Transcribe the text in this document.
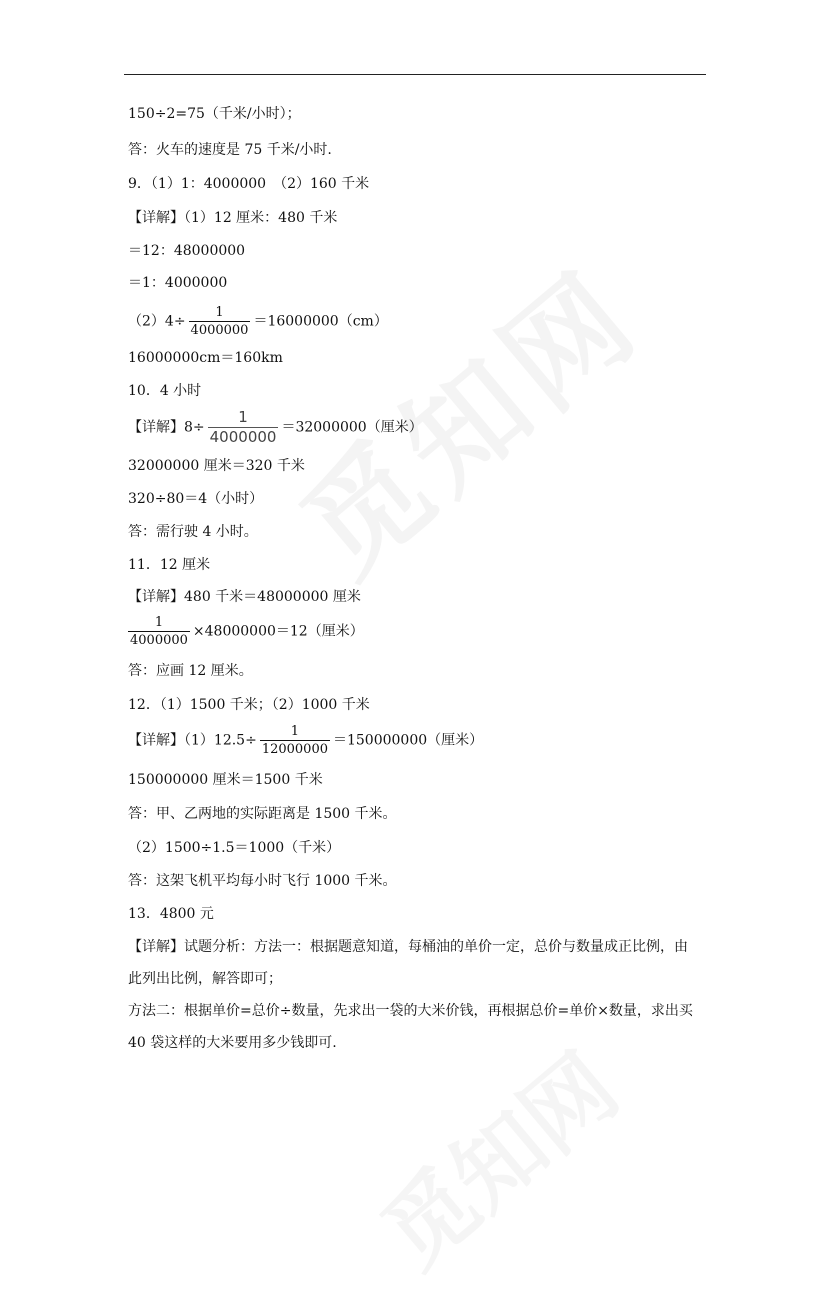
150÷2=75（千米/小时）；
答：火车的速度是 75 千米/小时.
9．（1）1：4000000　（2）160 千米
【详解】（1）12 厘米：480 千米
＝12：48000000
＝1：4000000
$(2)4\div \frac{1}{4000000} =16000000(cm)$
16000000cm＝160km
10．4 小时
【详解】$8\div \frac{1}{4000000} =32000000$（厘米）
32000000 厘米＝320 千米
320÷80＝4（小时）
答：需行驶 4 小时。
11．12 厘米
【详解】480 千米＝48000000 厘米
$\frac{1}{4000000} \times 48000000=12$（厘米）
答：应画 12 厘米。
12．（1）1500 千米；（2）1000 千米
【详解】$(1)12.5\div \frac{1}{12000000} =150000000$（厘米）
150000000 厘米＝1500 千米
答：甲、乙两地的实际距离是 1500 千米。
（2）1500÷1.5＝1000（千米）
答：这架飞机平均每小时飞行 1000 千米。
13．4800 元
【详解】试题分析：方法一：根据题意知道，每桶油的单价一定，总价与数量成正比例，由
此列出比例，解答即可；
方法二：根据单价=总价÷数量，先求出一袋的大米价钱，再根据总价=单价×数量，求出买
40 袋这样的大米要用多少钱即可.
